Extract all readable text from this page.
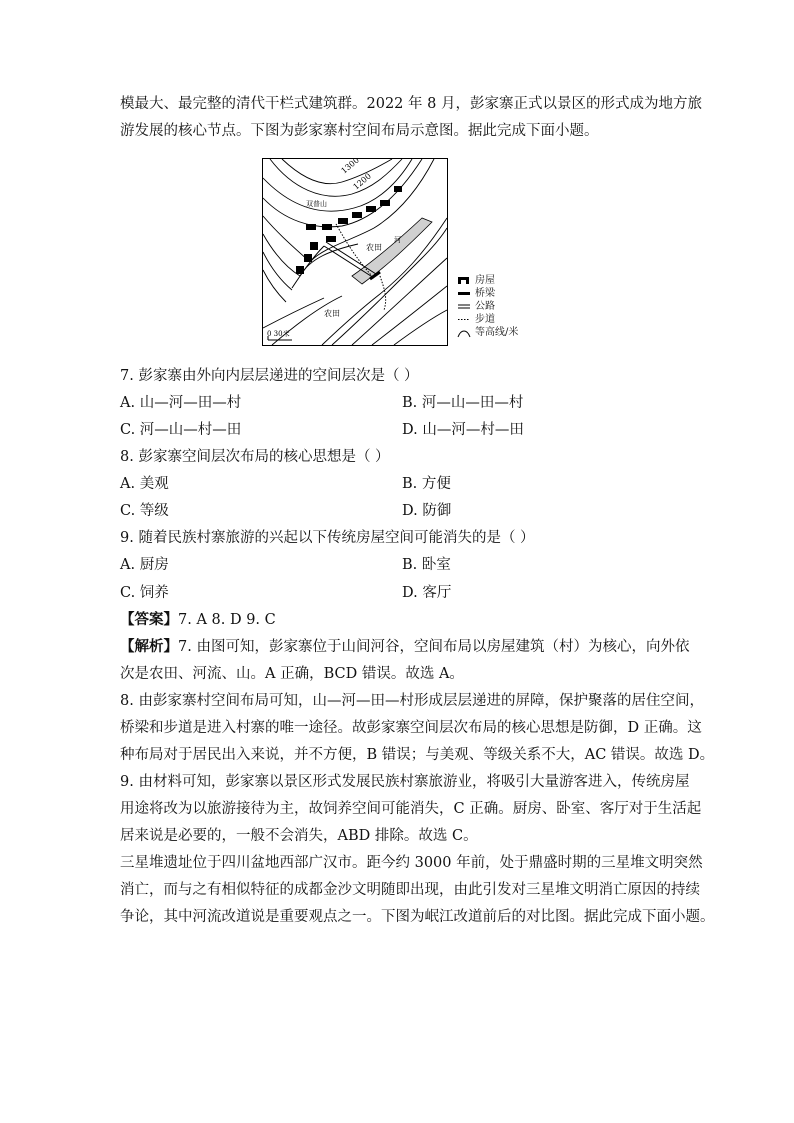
模最大、最完整的清代干栏式建筑群。2022 年 8 月，彭家寨正式以景区的形式成为地方旅
游发展的核心节点。下图为彭家寨村空间布局示意图。据此完成下面小题。
1300
1200
双普山
河
农田
农田
0 30米
房屋
桥梁
公路
步道
等高线/米
7. 彭家寨由外向内层层递进的空间层次是（ ）
A. 山—河—田—村	B. 河—山—田—村
C. 河—山—村—田	D. 山—河—村—田
8. 彭家寨空间层次布局的核心思想是（ ）
A. 美观	B. 方便
C. 等级	D. 防御
9. 随着民族村寨旅游的兴起以下传统房屋空间可能消失的是（ ）
A. 厨房	B. 卧室
C. 饲养	D. 客厅
【答案】7. A 8. D 9. C
【解析】7. 由图可知，彭家寨位于山间河谷，空间布局以房屋建筑（村）为核心，向外依
次是农田、河流、山。A 正确，BCD 错误。故选 A。
8. 由彭家寨村空间布局可知，山—河—田—村形成层层递进的屏障，保护聚落的居住空间，
桥梁和步道是进入村寨的唯一途径。故彭家寨空间层次布局的核心思想是防御，D 正确。这
种布局对于居民出入来说，并不方便，B 错误；与美观、等级关系不大，AC 错误。故选 D。
9. 由材料可知，彭家寨以景区形式发展民族村寨旅游业，将吸引大量游客进入，传统房屋
用途将改为以旅游接待为主，故饲养空间可能消失，C 正确。厨房、卧室、客厅对于生活起
居来说是必要的，一般不会消失，ABD 排除。故选 C。
三星堆遗址位于四川盆地西部广汉市。距今约 3000 年前，处于鼎盛时期的三星堆文明突然
消亡，而与之有相似特征的成都金沙文明随即出现，由此引发对三星堆文明消亡原因的持续
争论，其中河流改道说是重要观点之一。下图为岷江改道前后的对比图。据此完成下面小题。
